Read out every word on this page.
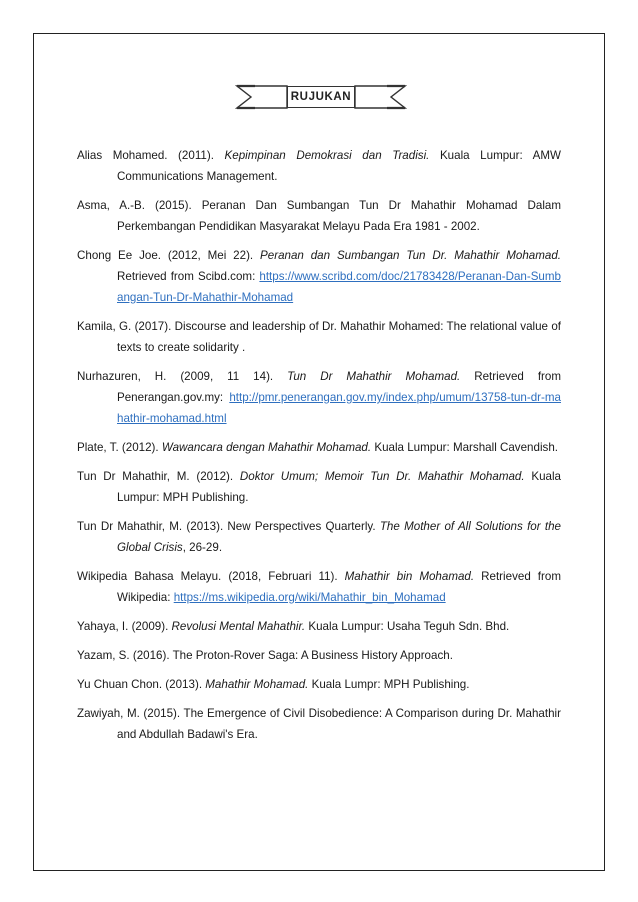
RUJUKAN

Alias Mohamed. (2011). Kepimpinan Demokrasi dan Tradisi. Kuala Lumpur: AMW Communications Management.

Asma, A.-B. (2015). Peranan Dan Sumbangan Tun Dr Mahathir Mohamad Dalam Perkembangan Pendidikan Masyarakat Melayu Pada Era 1981 - 2002.

Chong Ee Joe. (2012, Mei 22). Peranan dan Sumbangan Tun Dr. Mahathir Mohamad. Retrieved from Scibd.com: https://www.scribd.com/doc/21783428/Peranan-Dan-Sumbangan-Tun-Dr-Mahathir-Mohamad

Kamila, G. (2017). Discourse and leadership of Dr. Mahathir Mohamed: The relational value of texts to create solidarity .

Nurhazuren, H. (2009, 11 14). Tun Dr Mahathir Mohamad. Retrieved from Penerangan.gov.my: http://pmr.penerangan.gov.my/index.php/umum/13758-tun-dr-mahathir-mohamad.html

Plate, T. (2012). Wawancara dengan Mahathir Mohamad. Kuala Lumpur: Marshall Cavendish.

Tun Dr Mahathir, M. (2012). Doktor Umum; Memoir Tun Dr. Mahathir Mohamad. Kuala Lumpur: MPH Publishing.

Tun Dr Mahathir, M. (2013). New Perspectives Quarterly. The Mother of All Solutions for the Global Crisis, 26-29.

Wikipedia Bahasa Melayu. (2018, Februari 11). Mahathir bin Mohamad. Retrieved from Wikipedia: https://ms.wikipedia.org/wiki/Mahathir_bin_Mohamad

Yahaya, I. (2009). Revolusi Mental Mahathir. Kuala Lumpur: Usaha Teguh Sdn. Bhd.

Yazam, S. (2016). The Proton-Rover Saga: A Business History Approach.

Yu Chuan Chon. (2013). Mahathir Mohamad. Kuala Lumpr: MPH Publishing.

Zawiyah, M. (2015). The Emergence of Civil Disobedience: A Comparison during Dr. Mahathir and Abdullah Badawi's Era.
